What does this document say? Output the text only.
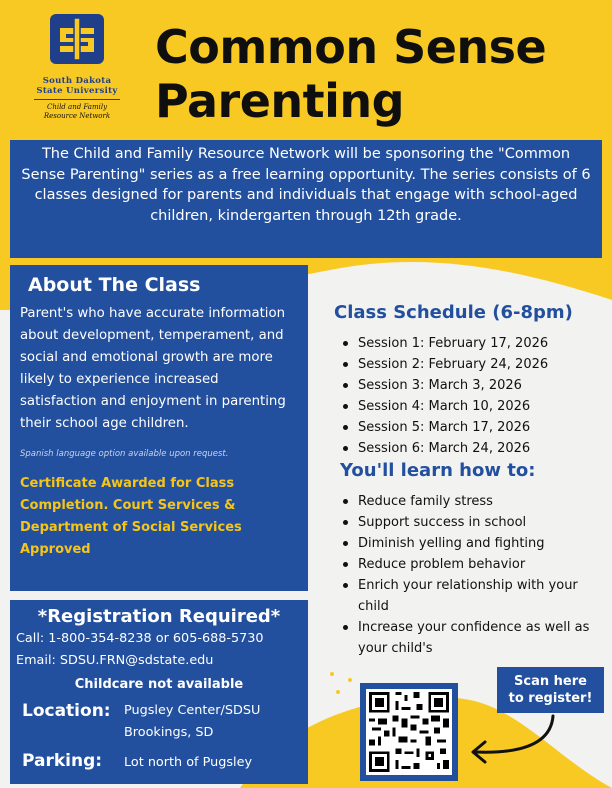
South Dakota
State University
Child and Family
Resource Network
Common Sense
Parenting
The Child and Family Resource Network will be sponsoring the "Common Sense Parenting" series as a free learning opportunity. The series consists of 6 classes designed for parents and individuals that engage with school-aged children, kindergarten through 12th grade.
About The Class

Parent's who have accurate information about development, temperament, and social and emotional growth are more likely to experience increased satisfaction and enjoyment in parenting their school age children.

Spanish language option available upon request.

Certificate Awarded for Class Completion. Court Services & Department of Social Services Approved

*Registration Required*
Call: 1-800-354-8238 or 605-688-5730
Email: SDSU.FRN@sdstate.edu
Childcare not available
Location:	Pugsley Center/SDSU
Brookings, SD
Parking:	Lot north of Pugsley
Class Schedule (6-8pm)
Session 1: February 17, 2026
Session 2: February 24, 2026
Session 3: March 3, 2026
Session 4: March 10, 2026
Session 5: March 17, 2026
Session 6: March 24, 2026
You'll learn how to:
Reduce family stress
Support success in school
Diminish yelling and fighting
Reduce problem behavior
Enrich your relationship with your child
Increase your confidence as well as your child's
Scan here
to register!
